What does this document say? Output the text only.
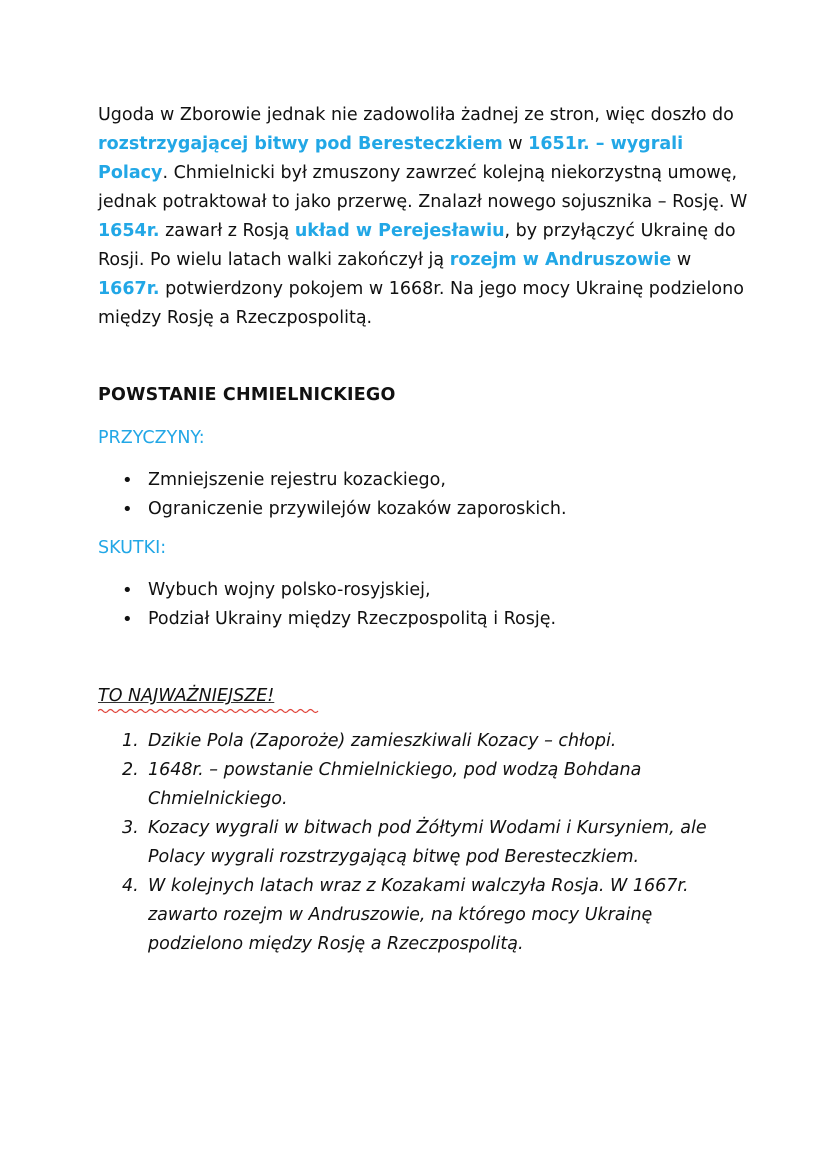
Ugoda w Zborowie jednak nie zadowoliła żadnej ze stron, więc doszło do rozstrzygającej bitwy pod Beresteczkiem w 1651r. – wygrali Polacy. Chmielnicki był zmuszony zawrzeć kolejną niekorzystną umowę, jednak potraktował to jako przerwę. Znalazł nowego sojusznika – Rosję. W 1654r. zawarł z Rosją układ w Perejesławiu, by przyłączyć Ukrainę do Rosji. Po wielu latach walki zakończył ją rozejm w Andruszowie w 1667r. potwierdzony pokojem w 1668r. Na jego mocy Ukrainę podzielono między Rosję a Rzeczpospolitą.

POWSTANIE CHMIELNICKIEGO

PRZYCZYNY:

• Zmniejszenie rejestru kozackiego,
• Ograniczenie przywilejów kozaków zaporoskich.

SKUTKI:

• Wybuch wojny polsko-rosyjskiej,
• Podział Ukrainy między Rzeczpospolitą i Rosję.

TO NAJWAŻNIEJSZE!

1. Dzikie Pola (Zaporoże) zamieszkiwali Kozacy – chłopi.
2. 1648r. – powstanie Chmielnickiego, pod wodzą Bohdana Chmielnickiego.
3. Kozacy wygrali w bitwach pod Żółtymi Wodami i Kursyniem, ale Polacy wygrali rozstrzygającą bitwę pod Beresteczkiem.
4. W kolejnych latach wraz z Kozakami walczyła Rosja. W 1667r. zawarto rozejm w Andruszowie, na którego mocy Ukrainę podzielono między Rosję a Rzeczpospolitą.
